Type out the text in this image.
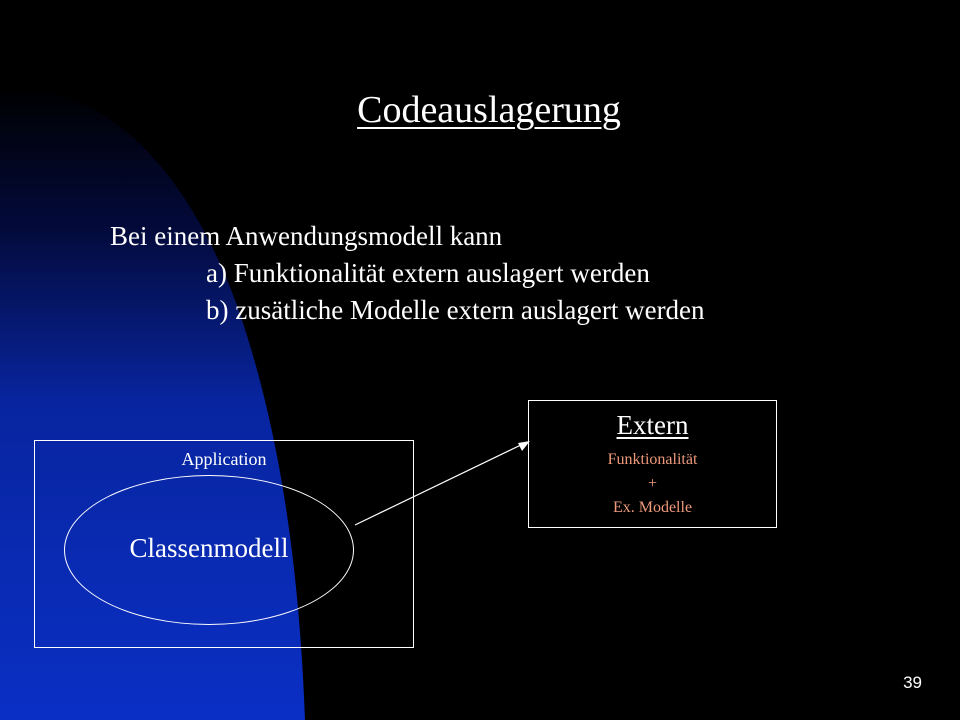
Codeauslagerung
Bei einem Anwendungsmodell kann
a) Funktionalität extern auslagert werden
b) zusätliche Modelle extern auslagert werden
Application
Classenmodell
Extern
Funktionalität
+
Ex. Modelle
39
